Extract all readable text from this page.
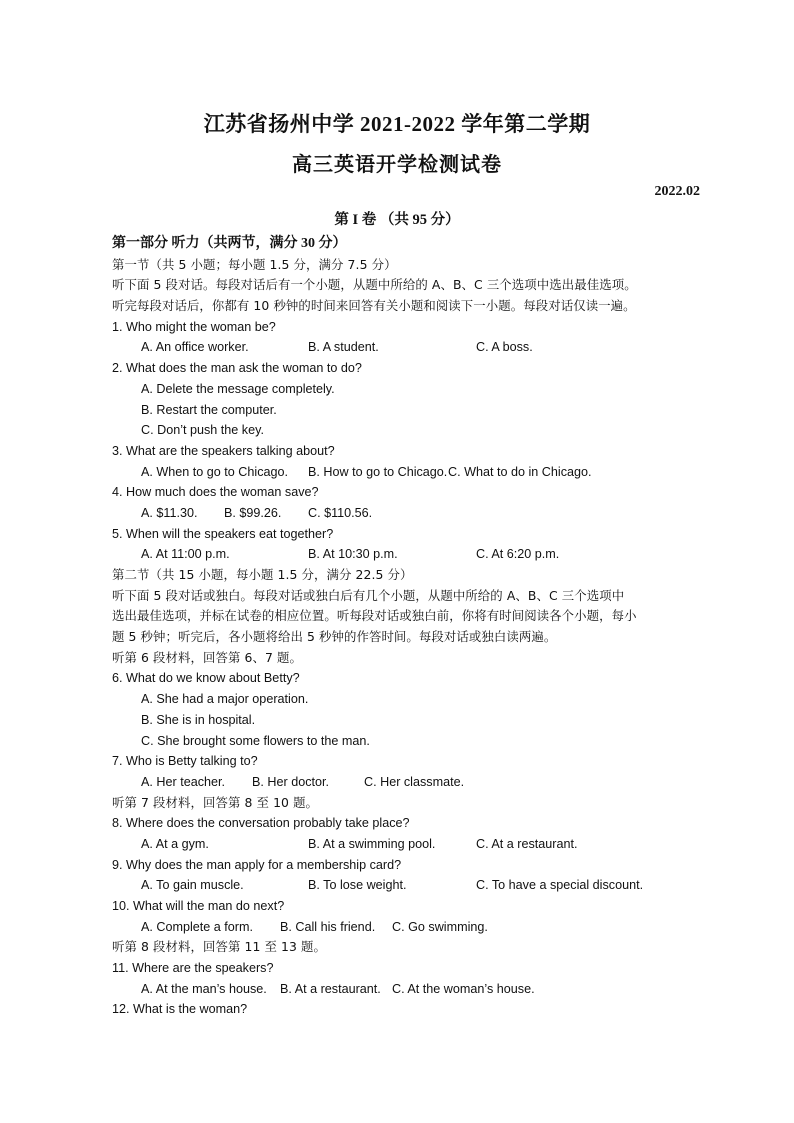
江苏省扬州中学 2021-2022 学年第二学期
高三英语开学检测试卷
2022.02
第 I 卷 （共 95 分）
第一部分 听力（共两节，满分 30 分）
第一节（共 5 小题；每小题 1.5 分，满分 7.5 分）
听下面 5 段对话。每段对话后有一个小题，从题中所给的 A、B、C 三个选项中选出最佳选项。
听完每段对话后，你都有 10 秒钟的时间来回答有关小题和阅读下一小题。每段对话仅读一遍。
1. Who might the woman be?
A. An office worker.	B. A student.	C. A boss.
2. What does the man ask the woman to do?
A. Delete the message completely.
B. Restart the computer.
C. Don’t push the key.
3. What are the speakers talking about?
A. When to go to Chicago. B. How to go to Chicago. C. What to do in Chicago.
4. How much does the woman save?
A. $11.30. B. $99.26. C. $110.56.
5. When will the speakers eat together?
A. At 11:00 p.m.	B. At 10:30 p.m.	C. At 6:20 p.m.
第二节（共 15 小题，每小题 1.5 分，满分 22.5 分）
听下面 5 段对话或独白。每段对话或独白后有几个小题，从题中所给的 A、B、C 三个选项中
选出最佳选项，并标在试卷的相应位置。听每段对话或独白前，你将有时间阅读各个小题，每小
题 5 秒钟；听完后，各小题将给出 5 秒钟的作答时间。每段对话或独白读两遍。
听第 6 段材料，回答第 6、7 题。
6. What do we know about Betty?
A. She had a major operation.
B. She is in hospital.
C. She brought some flowers to the man.
7. Who is Betty talking to?
A. Her teacher. B. Her doctor.	C. Her classmate.
听第 7 段材料，回答第 8 至 10 题。
8. Where does the conversation probably take place?
A. At a gym.	B. At a swimming pool.	C. At a restaurant.
9. Why does the man apply for a membership card?
A. To gain muscle.	B. To lose weight.	C. To have a special discount.
10. What will the man do next?
A. Complete a form. B. Call his friend. C. Go swimming.
听第 8 段材料，回答第 11 至 13 题。
11. Where are the speakers?
A. At the man’s house. B. At a restaurant. C. At the woman’s house.
12. What is the woman?
